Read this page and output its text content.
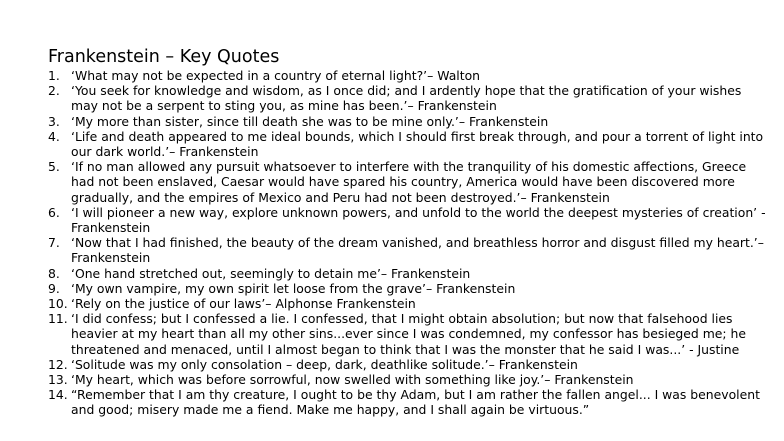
Frankenstein – Key Quotes
1. ‘What may not be expected in a country of eternal light?’– Walton
2. ‘You seek for knowledge and wisdom, as I once did; and I ardently hope that the gratification of your wishes may not be a serpent to sting you, as mine has been.’– Frankenstein
3. ‘My more than sister, since till death she was to be mine only.’– Frankenstein
4. ‘Life and death appeared to me ideal bounds, which I should first break through, and pour a torrent of light into our dark world.’– Frankenstein
5. ‘If no man allowed any pursuit whatsoever to interfere with the tranquility of his domestic affections, Greece had not been enslaved, Caesar would have spared his country, America would have been discovered more gradually, and the empires of Mexico and Peru had not been destroyed.’– Frankenstein
6. ‘I will pioneer a new way, explore unknown powers, and unfold to the world the deepest mysteries of creation’ - Frankenstein
7. ‘Now that I had finished, the beauty of the dream vanished, and breathless horror and disgust filled my heart.’– Frankenstein
8. ‘One hand stretched out, seemingly to detain me’– Frankenstein
9. ‘My own vampire, my own spirit let loose from the grave’– Frankenstein
10. ‘Rely on the justice of our laws’– Alphonse Frankenstein
11. ‘I did confess; but I confessed a lie. I confessed, that I might obtain absolution; but now that falsehood lies heavier at my heart than all my other sins...ever since I was condemned, my confessor has besieged me; he threatened and menaced, until I almost began to think that I was the monster that he said I was...’ - Justine
12. ‘Solitude was my only consolation – deep, dark, deathlike solitude.’– Frankenstein
13. ‘My heart, which was before sorrowful, now swelled with something like joy.’– Frankenstein
14. “Remember that I am thy creature, I ought to be thy Adam, but I am rather the fallen angel... I was benevolent and good; misery made me a fiend. Make me happy, and I shall again be virtuous.”
